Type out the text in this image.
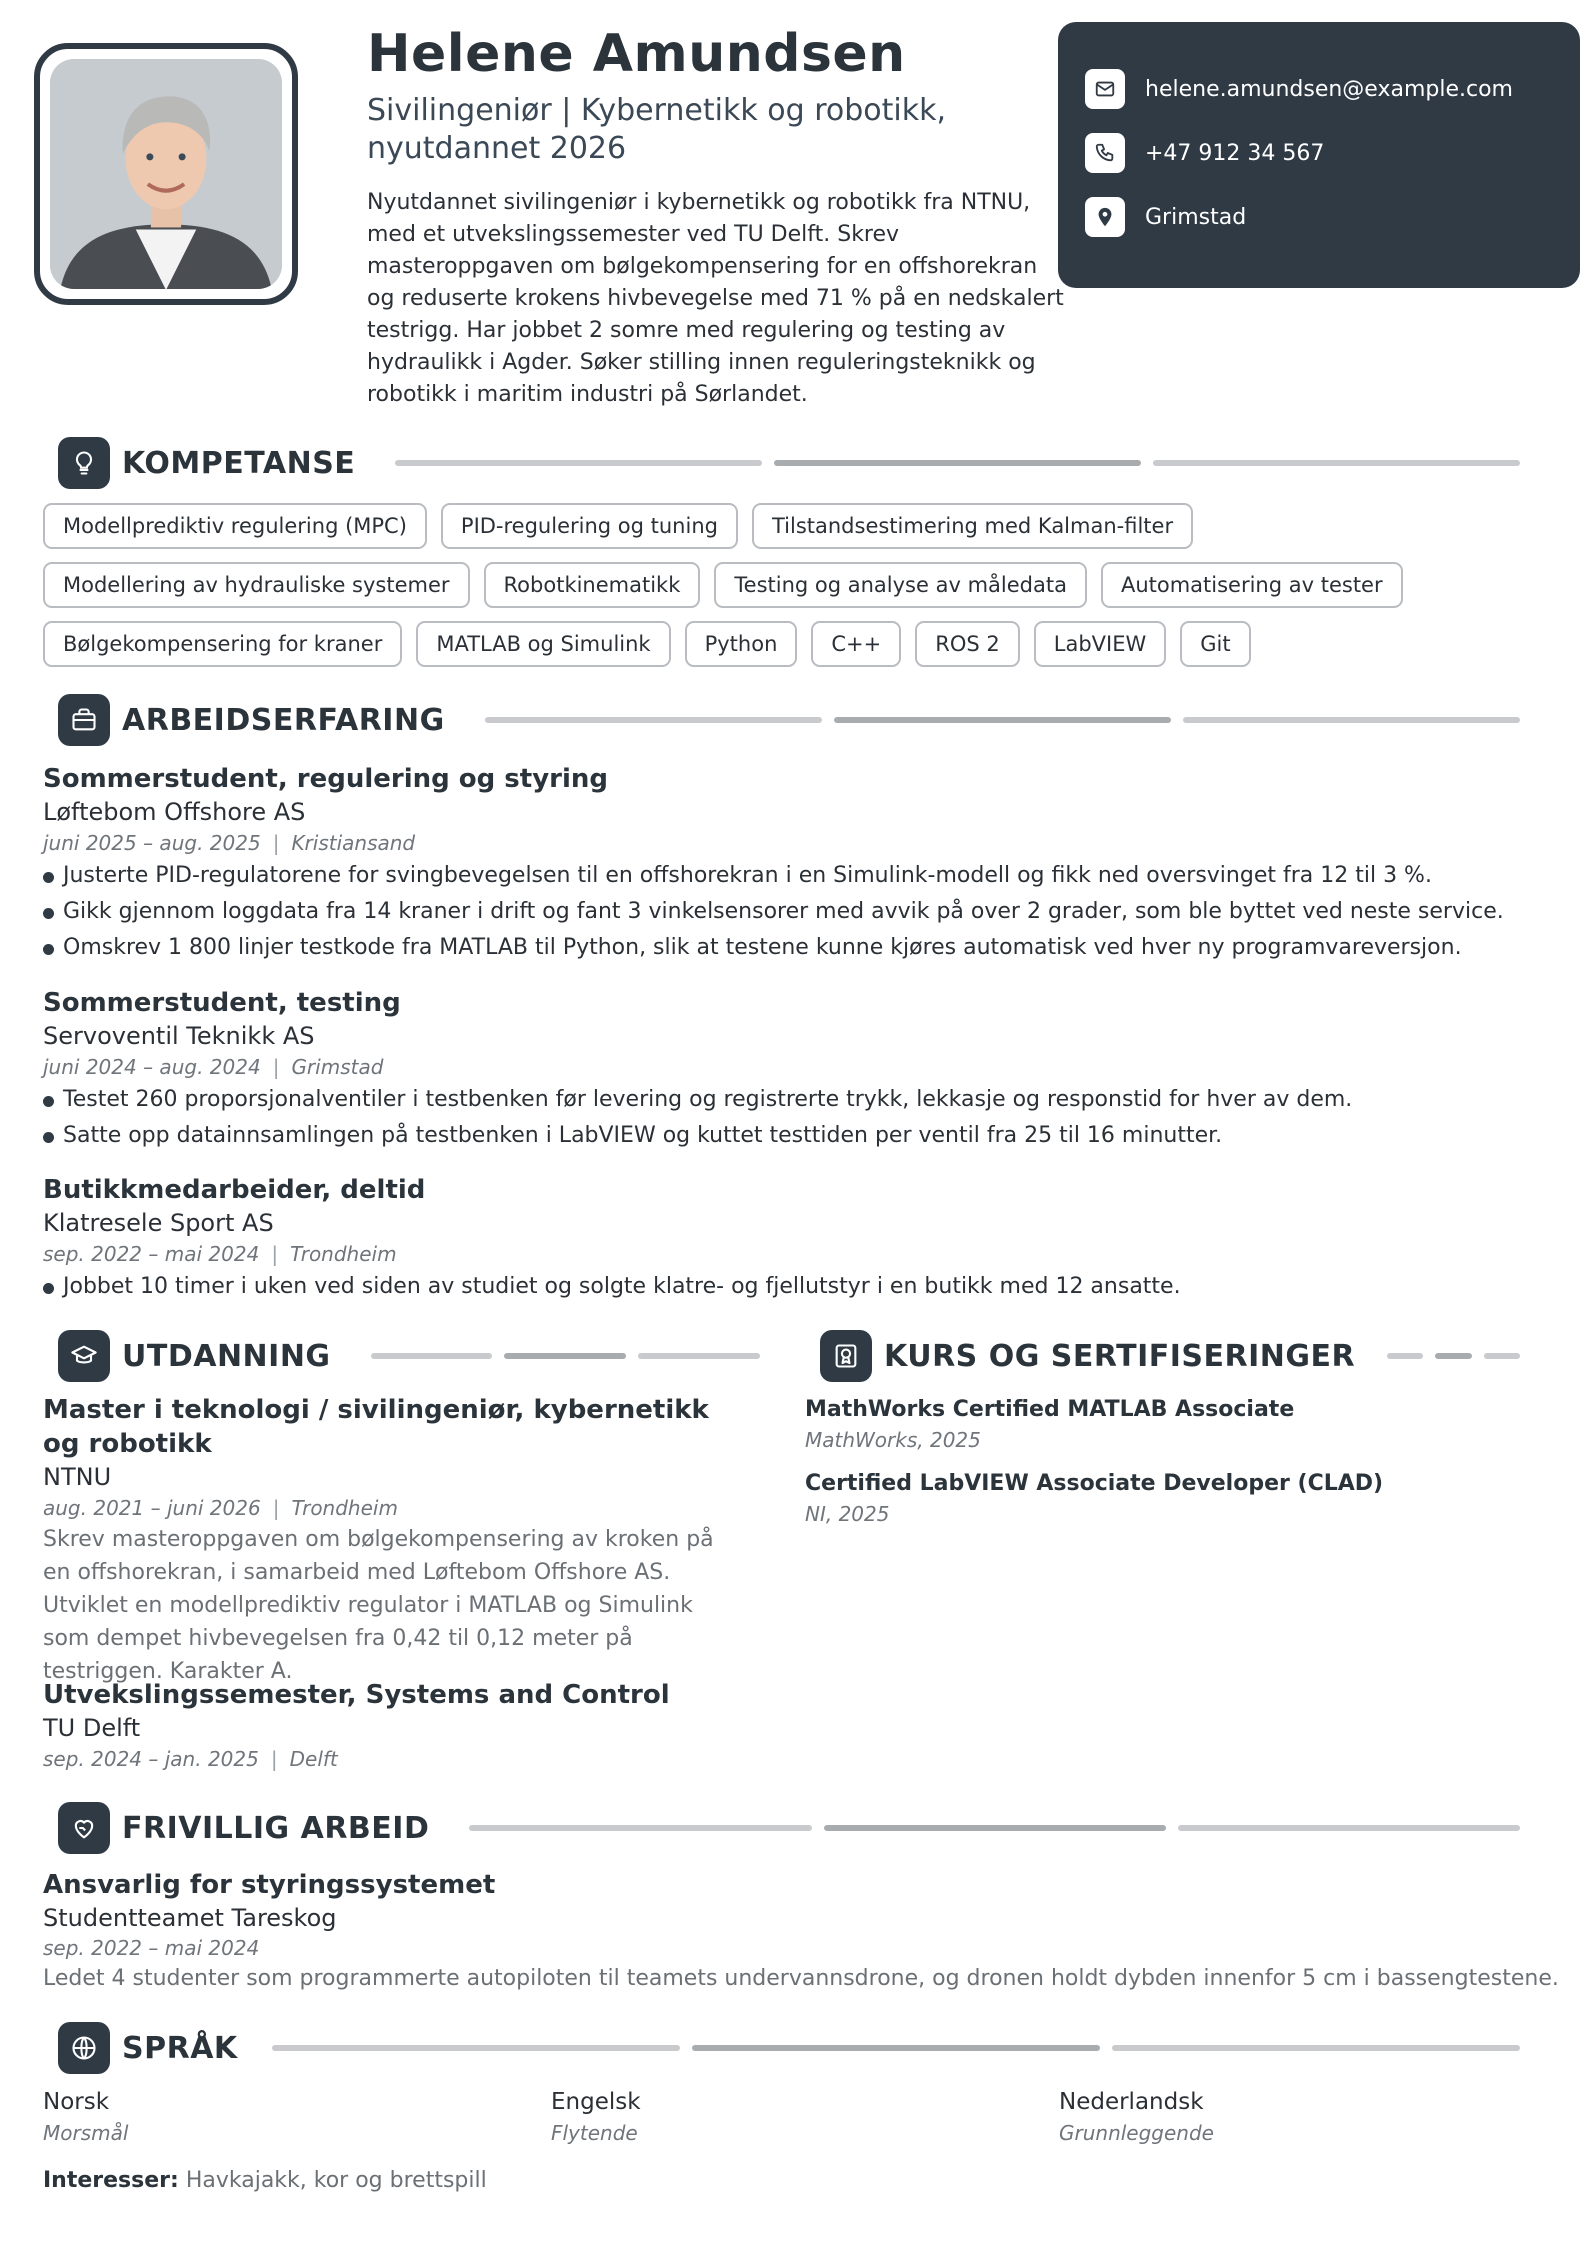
Helene Amundsen
Sivilingeniør | Kybernetikk og robotikk,
nyutdannet 2026
Nyutdannet sivilingeniør i kybernetikk og robotikk fra NTNU, med et utvekslingssemester ved TU Delft. Skrev masteroppgaven om bølgekompensering for en offshorekran og reduserte krokens hivbevegelse med 71 % på en nedskalert testrigg. Har jobbet 2 somre med regulering og testing av hydraulikk i Agder. Søker stilling innen reguleringsteknikk og robotikk i maritim industri på Sørlandet.
helene.amundsen@example.com
+47 912 34 567
Grimstad
KOMPETANSE
Modellprediktiv regulering (MPC)	PID-regulering og tuning	Tilstandsestimering med Kalman-filter
Modellering av hydrauliske systemer	Robotkinematikk	Testing og analyse av måledata	Automatisering av tester
Bølgekompensering for kraner	MATLAB og Simulink	Python	C++	ROS 2	LabVIEW	Git
ARBEIDSERFARING
Sommerstudent, regulering og styring
Løftebom Offshore AS
juni 2025 – aug. 2025 | Kristiansand
Justerte PID-regulatorene for svingbevegelsen til en offshorekran i en Simulink-modell og fikk ned oversvinget fra 12 til 3 %.
Gikk gjennom loggdata fra 14 kraner i drift og fant 3 vinkelsensorer med avvik på over 2 grader, som ble byttet ved neste service.
Omskrev 1 800 linjer testkode fra MATLAB til Python, slik at testene kunne kjøres automatisk ved hver ny programvareversjon.
Sommerstudent, testing
Servoventil Teknikk AS
juni 2024 – aug. 2024 | Grimstad
Testet 260 proporsjonalventiler i testbenken før levering og registrerte trykk, lekkasje og responstid for hver av dem.
Satte opp datainnsamlingen på testbenken i LabVIEW og kuttet testtiden per ventil fra 25 til 16 minutter.
Butikkmedarbeider, deltid
Klatresele Sport AS
sep. 2022 – mai 2024 | Trondheim
Jobbet 10 timer i uken ved siden av studiet og solgte klatre- og fjellutstyr i en butikk med 12 ansatte.
UTDANNING
Master i teknologi / sivilingeniør, kybernetikk
og robotikk
NTNU
aug. 2021 – juni 2026 | Trondheim
Skrev masteroppgaven om bølgekompensering av kroken på en offshorekran, i samarbeid med Løftebom Offshore AS. Utviklet en modellprediktiv regulator i MATLAB og Simulink som dempet hivbevegelsen fra 0,42 til 0,12 meter på testriggen. Karakter A.
Utvekslingssemester, Systems and Control
TU Delft
sep. 2024 – jan. 2025 | Delft
KURS OG SERTIFISERINGER
MathWorks Certified MATLAB Associate
MathWorks, 2025
Certified LabVIEW Associate Developer (CLAD)
NI, 2025
FRIVILLIG ARBEID
Ansvarlig for styringssystemet
Studentteamet Tareskog
sep. 2022 – mai 2024
Ledet 4 studenter som programmerte autopiloten til teamets undervannsdrone, og dronen holdt dybden innenfor 5 cm i bassengtestene.
SPRÅK
Norsk
Morsmål
Engelsk
Flytende
Nederlandsk
Grunnleggende
Interesser: Havkajakk, kor og brettspill
